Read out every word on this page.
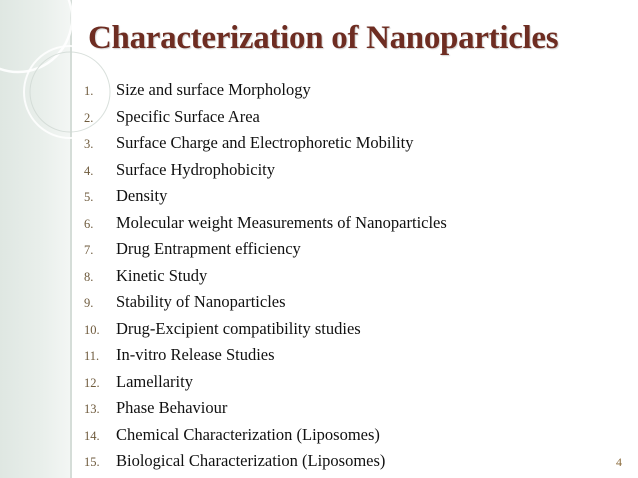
Characterization of Nanoparticles
1.	Size and surface Morphology
2.	Specific Surface Area
3.	Surface Charge and Electrophoretic Mobility
4.	Surface Hydrophobicity
5.	Density
6.	Molecular weight Measurements of Nanoparticles
7.	Drug Entrapment efficiency
8.	Kinetic Study
9.	Stability of Nanoparticles
10. Drug-Excipient compatibility studies
11.	In-vitro Release Studies
12. Lamellarity
13. Phase Behaviour
14. Chemical Characterization (Liposomes)
15. Biological Characterization (Liposomes)	4
